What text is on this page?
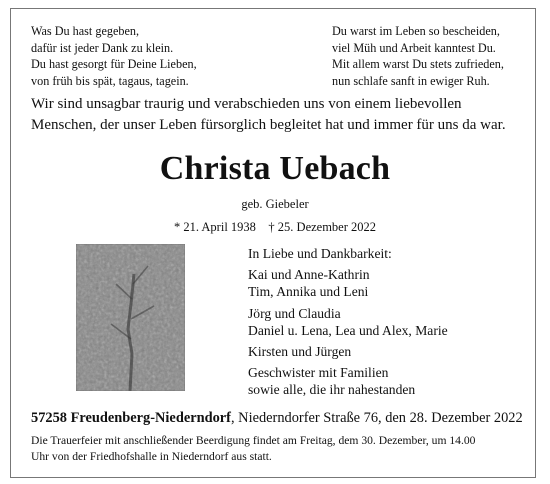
Was Du hast gegeben,
dafür ist jeder Dank zu klein.
Du hast gesorgt für Deine Lieben,
von früh bis spät, tagaus, tagein.
Du warst im Leben so bescheiden,
viel Müh und Arbeit kanntest Du.
Mit allem warst Du stets zufrieden,
nun schlafe sanft in ewiger Ruh.
Wir sind unsagbar traurig und verabschieden uns von einem liebevollen
Menschen, der unser Leben fürsorglich begleitet hat und immer für uns da war.
Christa Uebach
geb. Giebeler
* 21. April 1938    † 25. Dezember 2022
In Liebe und Dankbarkeit:
Kai und Anne-Kathrin
Tim, Annika und Leni
Jörg und Claudia
Daniel u. Lena, Lea und Alex, Marie
Kirsten und Jürgen
Geschwister mit Familien
sowie alle, die ihr nahestanden
57258 Freudenberg-Niederndorf, Niederndorfer Straße 76, den 28. Dezember 2022
Die Trauerfeier mit anschließender Beerdigung findet am Freitag, dem 30. Dezember, um 14.00
Uhr von der Friedhofshalle in Niederndorf aus statt.
